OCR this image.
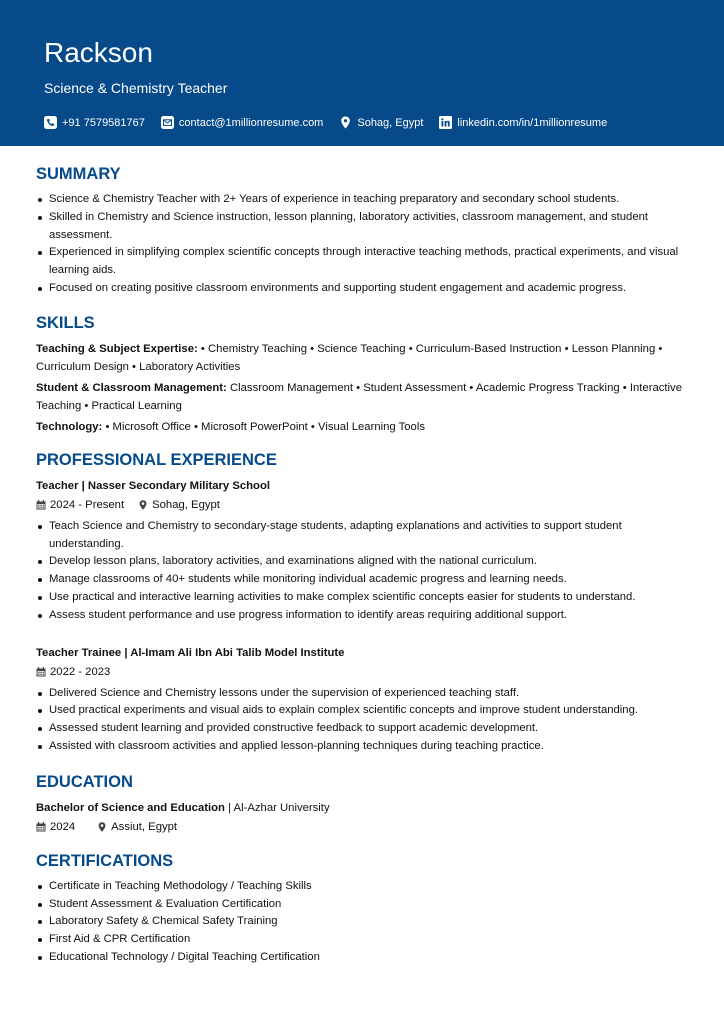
Rackson
Science & Chemistry Teacher
+91 7579581767	contact@1millionresume.com	Sohag, Egypt	linkedin.com/in/1millionresume
SUMMARY
Science & Chemistry Teacher with 2+ Years of experience in teaching preparatory and secondary school students.
Skilled in Chemistry and Science instruction, lesson planning, laboratory activities, classroom management, and student assessment.
Experienced in simplifying complex scientific concepts through interactive teaching methods, practical experiments, and visual learning aids.
Focused on creating positive classroom environments and supporting student engagement and academic progress.
SKILLS
Teaching & Subject Expertise: • Chemistry Teaching • Science Teaching • Curriculum-Based Instruction • Lesson Planning • Curriculum Design • Laboratory Activities
Student & Classroom Management: Classroom Management • Student Assessment • Academic Progress Tracking • Interactive Teaching • Practical Learning
Technology: • Microsoft Office • Microsoft PowerPoint • Visual Learning Tools
PROFESSIONAL EXPERIENCE
Teacher | Nasser Secondary Military School
2024 - Present Sohag, Egypt
Teach Science and Chemistry to secondary-stage students, adapting explanations and activities to support student understanding.
Develop lesson plans, laboratory activities, and examinations aligned with the national curriculum.
Manage classrooms of 40+ students while monitoring individual academic progress and learning needs.
Use practical and interactive learning activities to make complex scientific concepts easier for students to understand.
Assess student performance and use progress information to identify areas requiring additional support.
Teacher Trainee | Al-Imam Ali Ibn Abi Talib Model Institute
2022 - 2023
Delivered Science and Chemistry lessons under the supervision of experienced teaching staff.
Used practical experiments and visual aids to explain complex scientific concepts and improve student understanding.
Assessed student learning and provided constructive feedback to support academic development.
Assisted with classroom activities and applied lesson-planning techniques during teaching practice.
EDUCATION
Bachelor of Science and Education | Al-Azhar University
2024	Assiut, Egypt
CERTIFICATIONS
Certificate in Teaching Methodology / Teaching Skills
Student Assessment & Evaluation Certification
Laboratory Safety & Chemical Safety Training
First Aid & CPR Certification
Educational Technology / Digital Teaching Certification
